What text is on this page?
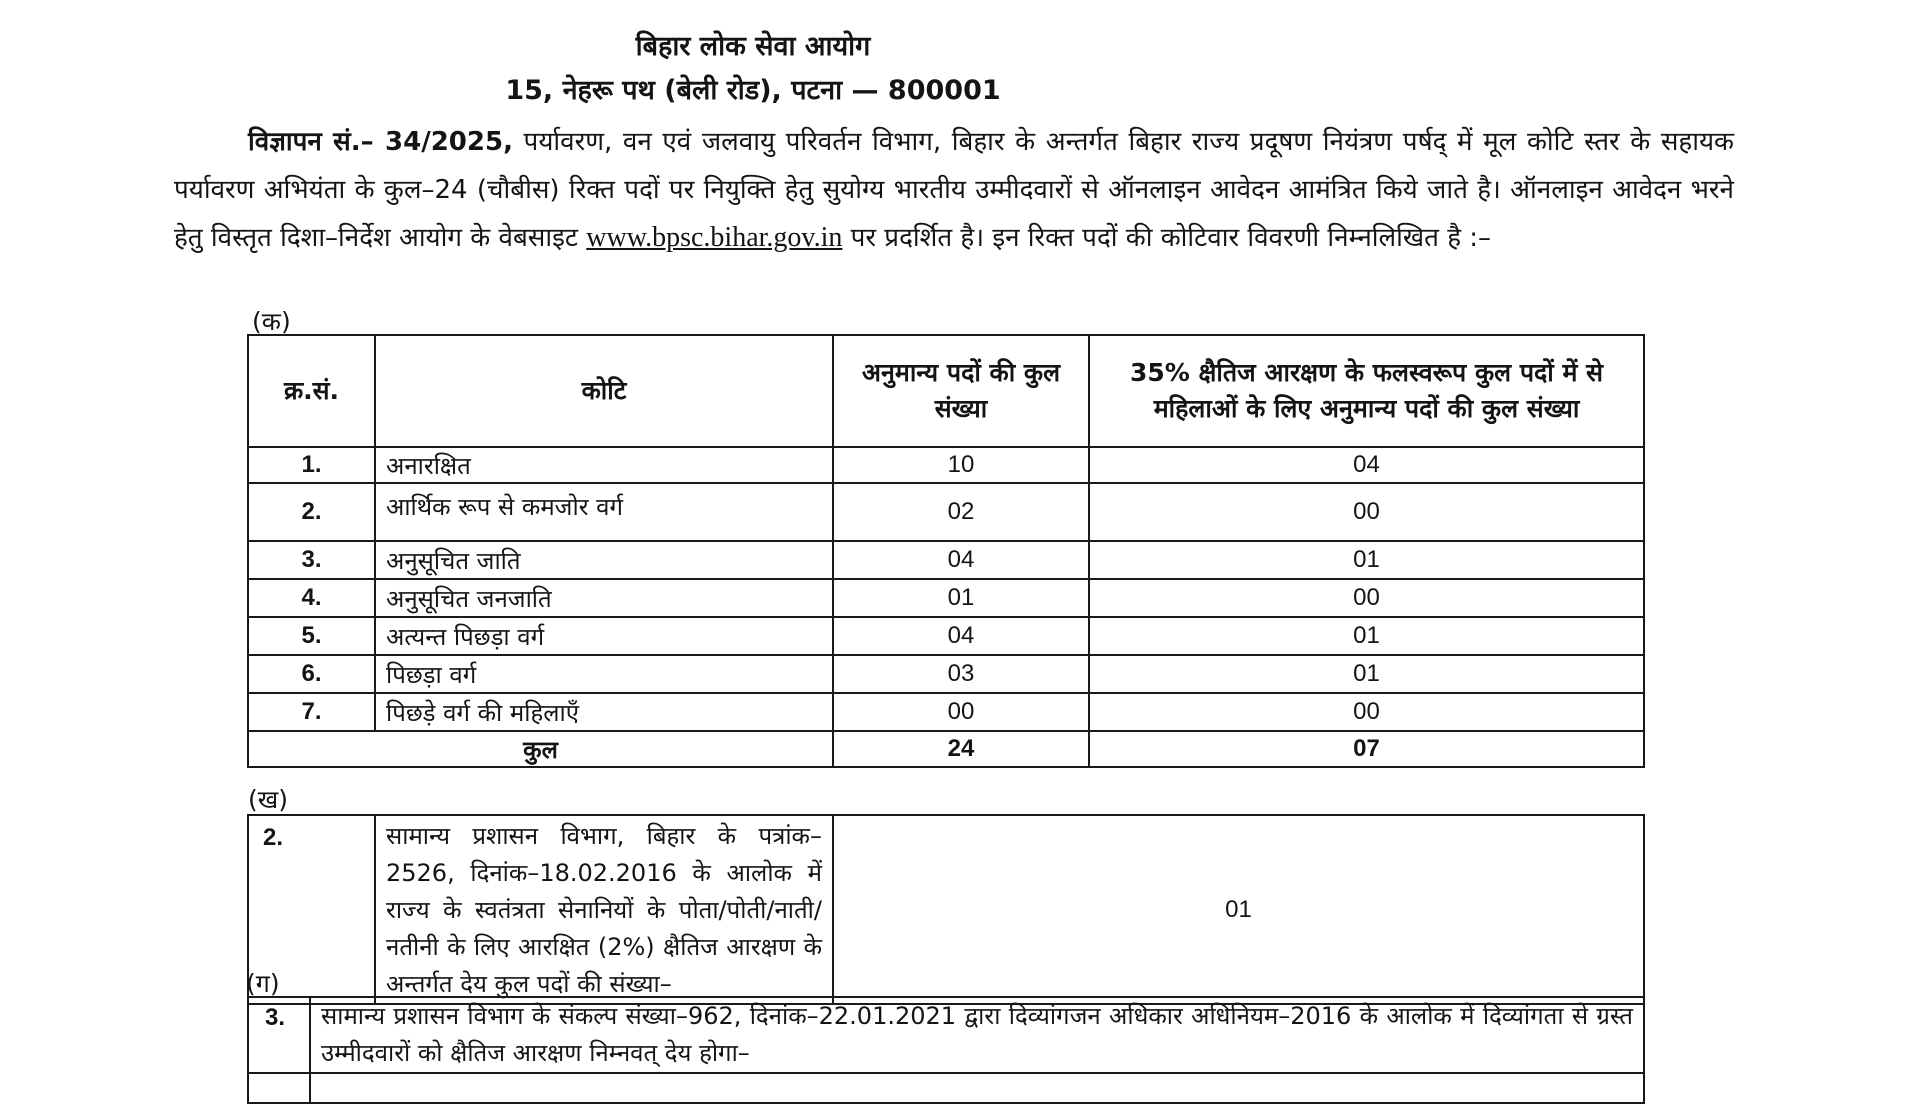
बिहार लोक सेवा आयोग
15, नेहरू पथ (बेली रोड), पटना — 800001

विज्ञापन सं.– 34/2025, पर्यावरण, वन एवं जलवायु परिवर्तन विभाग, बिहार के अन्तर्गत बिहार राज्य प्रदूषण नियंत्रण पर्षद् में मूल कोटि स्तर के सहायक पर्यावरण अभियंता के कुल–24 (चौबीस) रिक्त पदों पर नियुक्ति हेतु सुयोग्य भारतीय उम्मीदवारों से ऑनलाइन आवेदन आमंत्रित किये जाते है। ऑनलाइन आवेदन भरने हेतु विस्तृत दिशा–निर्देश आयोग के वेबसाइट www.bpsc.bihar.gov.in पर प्रदर्शित है। इन रिक्त पदों की कोटिवार विवरणी निम्नलिखित है :–

(क)
क्र.सं.	कोटि	अनुमान्य पदों की कुल संख्या	35% क्षैतिज आरक्षण के फलस्वरूप कुल पदों में से महिलाओं के लिए अनुमान्य पदों की कुल संख्या
1.	अनारक्षित	10	04
2.	आर्थिक रूप से कमजोर वर्ग	02	00
3.	अनुसूचित जाति	04	01
4.	अनुसूचित जनजाति	01	00
5.	अत्यन्त पिछड़ा वर्ग	04	01
6.	पिछड़ा वर्ग	03	01
7.	पिछड़े वर्ग की महिलाएँ	00	00
कुल		24	07
(ख)
2.	सामान्य प्रशासन विभाग, बिहार के पत्रांक– 2526, दिनांक–18.02.2016 के आलोक में राज्य के स्वतंत्रता सेनानियों के पोता/पोती/नाती/ नतीनी के लिए आरक्षित (2%) क्षैतिज आरक्षण के अन्तर्गत देय कुल पदों की संख्या–	01
(ग)
3.	सामान्य प्रशासन विभाग के संकल्प संख्या–962, दिनांक–22.01.2021 द्वारा दिव्यांगजन अधिकार अधिनियम–2016 के आलोक में दिव्यांगता से ग्रस्त उम्मीदवारों को क्षैतिज आरक्षण निम्नवत् देय होगा–
